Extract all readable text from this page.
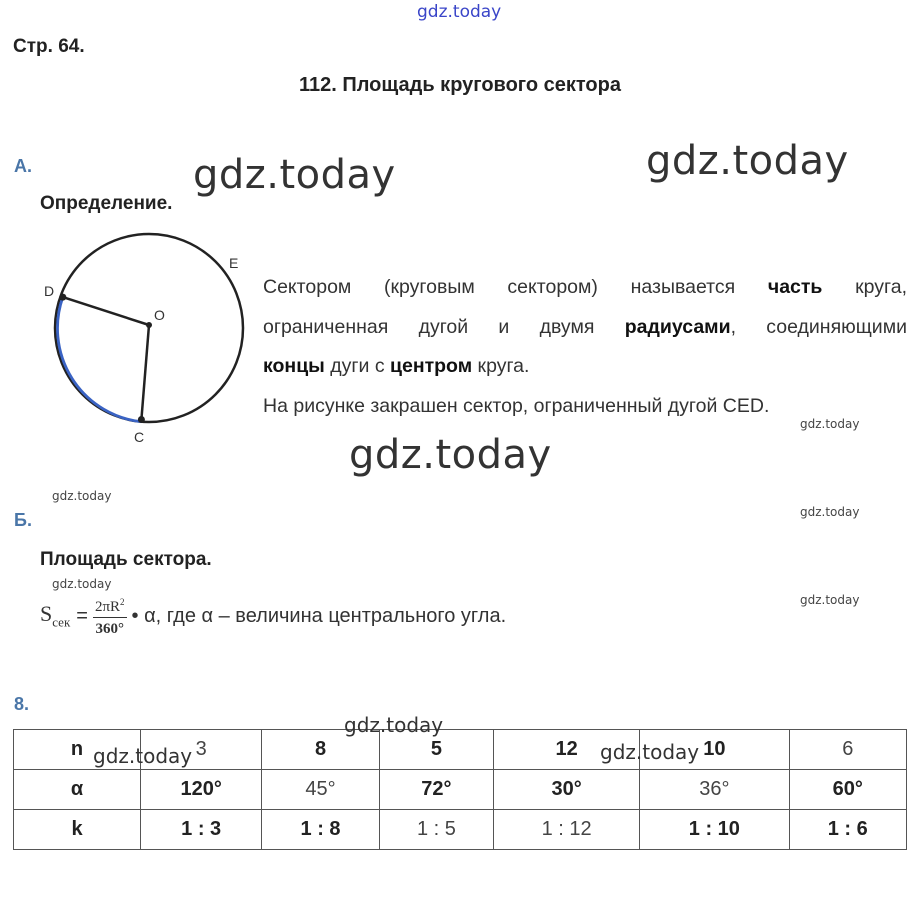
gdz.today
gdz.today	gdz.today
gdz.today
gdz.today
gdz.today
gdz.today
gdz.today
gdz.today
Стр. 64.
112. Площадь кругового сектора
А.
Определение.
D
E
O
C
Сектором (круговым сектором) называется часть круга,
ограниченная дугой и двумя радиусами, соединяющими
концы дуги с центром круга.
На рисунке закрашен сектор, ограниченный дугой CED.
Б.
Площадь сектора.
$S_{сек} = \frac{2\pi R^2}{360^\circ}$ • α, где α – величина центрального угла.
8.
n	3	8	5	12	10	6
α	120°	45°	72°	30°	36°	60°
k	1 : 3	1 : 8	1 : 5	1 : 12	1 : 10	1 : 6
gdz.today
gdz.today	gdz.today
